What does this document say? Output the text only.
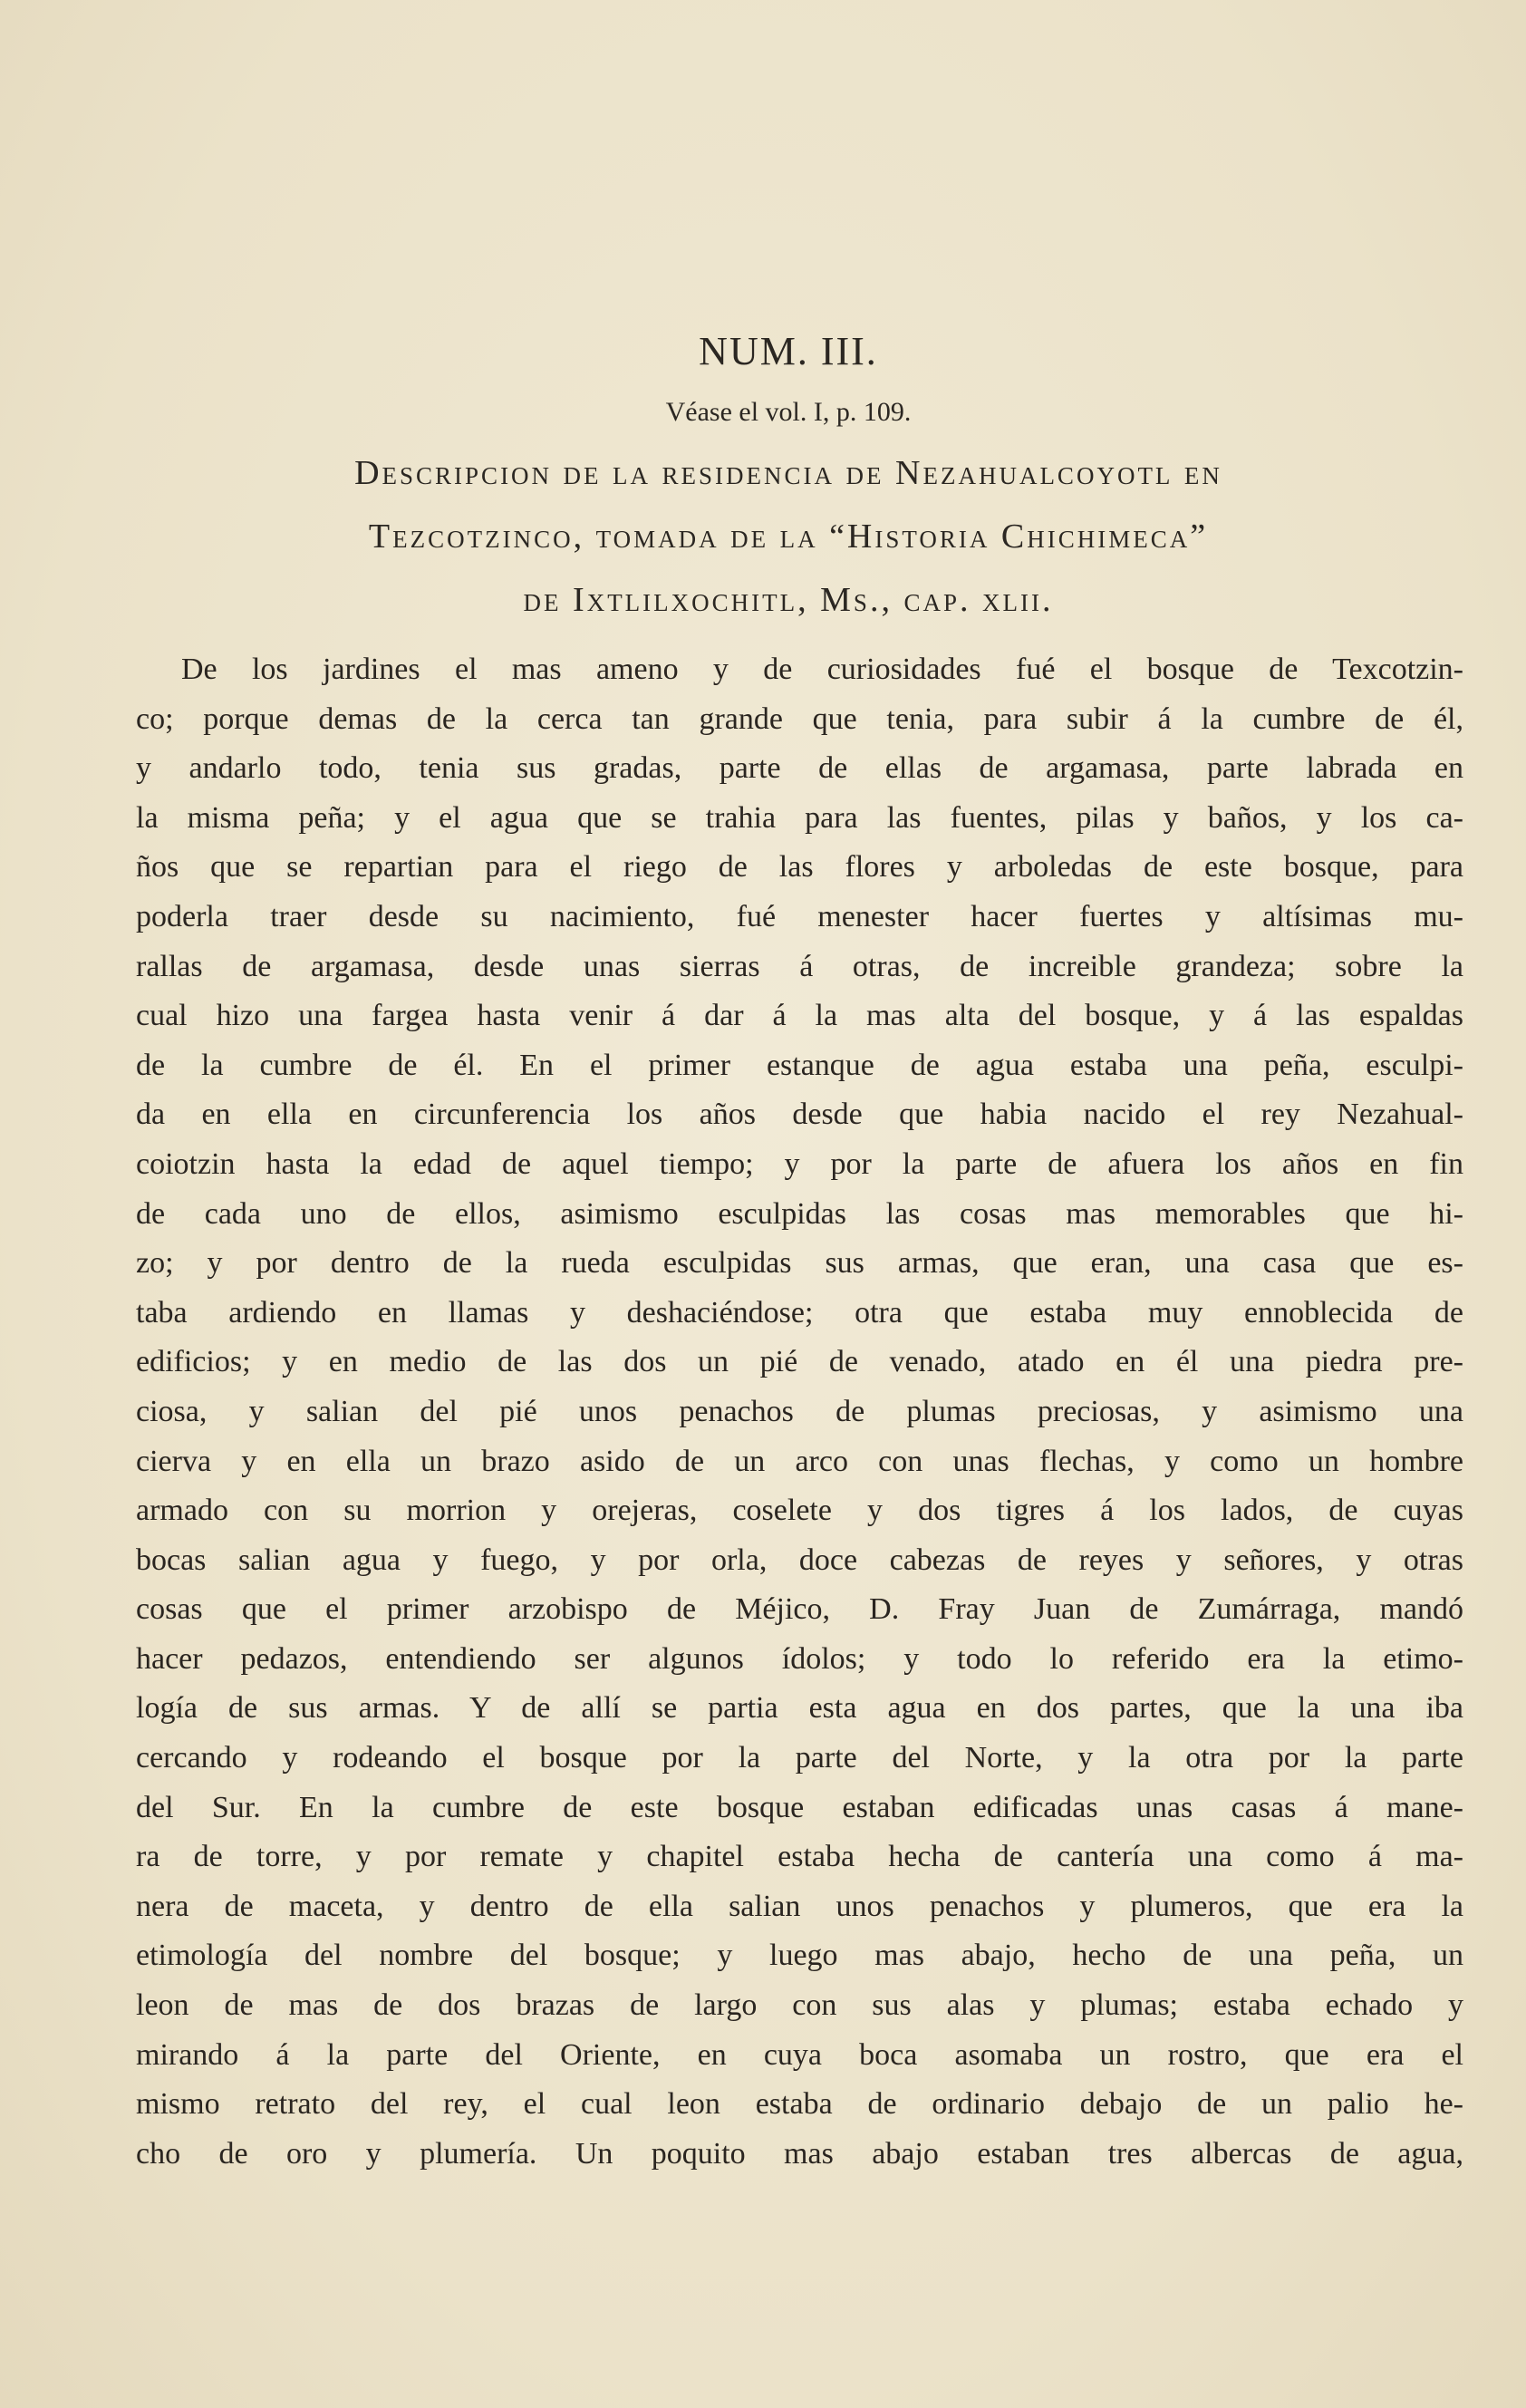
NUM. III.
Véase el vol. I, p. 109.
Descripcion de la residencia de Nezahualcoyotl en
Tezcotzinco, tomada de la “Historia Chichimeca”
de Ixtlilxochitl, Ms., cap. xlii.
De los jardines el mas ameno y de curiosidades fué el bosque de Texcotzin-
co; porque demas de la cerca tan grande que tenia, para subir á la cumbre de él,
y andarlo todo, tenia sus gradas, parte de ellas de argamasa, parte labrada en
la misma peña; y el agua que se trahia para las fuentes, pilas y baños, y los ca-
ños que se repartian para el riego de las flores y arboledas de este bosque, para
poderla traer desde su nacimiento, fué menester hacer fuertes y altísimas mu-
rallas de argamasa, desde unas sierras á otras, de increible grandeza; sobre la
cual hizo una fargea hasta venir á dar á la mas alta del bosque, y á las espaldas
de la cumbre de él. En el primer estanque de agua estaba una peña, esculpi-
da en ella en circunferencia los años desde que habia nacido el rey Nezahual-
coiotzin hasta la edad de aquel tiempo; y por la parte de afuera los años en fin
de cada uno de ellos, asimismo esculpidas las cosas mas memorables que hi-
zo; y por dentro de la rueda esculpidas sus armas, que eran, una casa que es-
taba ardiendo en llamas y deshaciéndose; otra que estaba muy ennoblecida de
edificios; y en medio de las dos un pié de venado, atado en él una piedra pre-
ciosa, y salian del pié unos penachos de plumas preciosas, y asimismo una
cierva y en ella un brazo asido de un arco con unas flechas, y como un hombre
armado con su morrion y orejeras, coselete y dos tigres á los lados, de cuyas
bocas salian agua y fuego, y por orla, doce cabezas de reyes y señores, y otras
cosas que el primer arzobispo de Méjico, D. Fray Juan de Zumárraga, mandó
hacer pedazos, entendiendo ser algunos ídolos; y todo lo referido era la etimo-
logía de sus armas. Y de allí se partia esta agua en dos partes, que la una iba
cercando y rodeando el bosque por la parte del Norte, y la otra por la parte
del Sur. En la cumbre de este bosque estaban edificadas unas casas á mane-
ra de torre, y por remate y chapitel estaba hecha de cantería una como á ma-
nera de maceta, y dentro de ella salian unos penachos y plumeros, que era la
etimología del nombre del bosque; y luego mas abajo, hecho de una peña, un
leon de mas de dos brazas de largo con sus alas y plumas; estaba echado y
mirando á la parte del Oriente, en cuya boca asomaba un rostro, que era el
mismo retrato del rey, el cual leon estaba de ordinario debajo de un palio he-
cho de oro y plumería. Un poquito mas abajo estaban tres albercas de agua,
